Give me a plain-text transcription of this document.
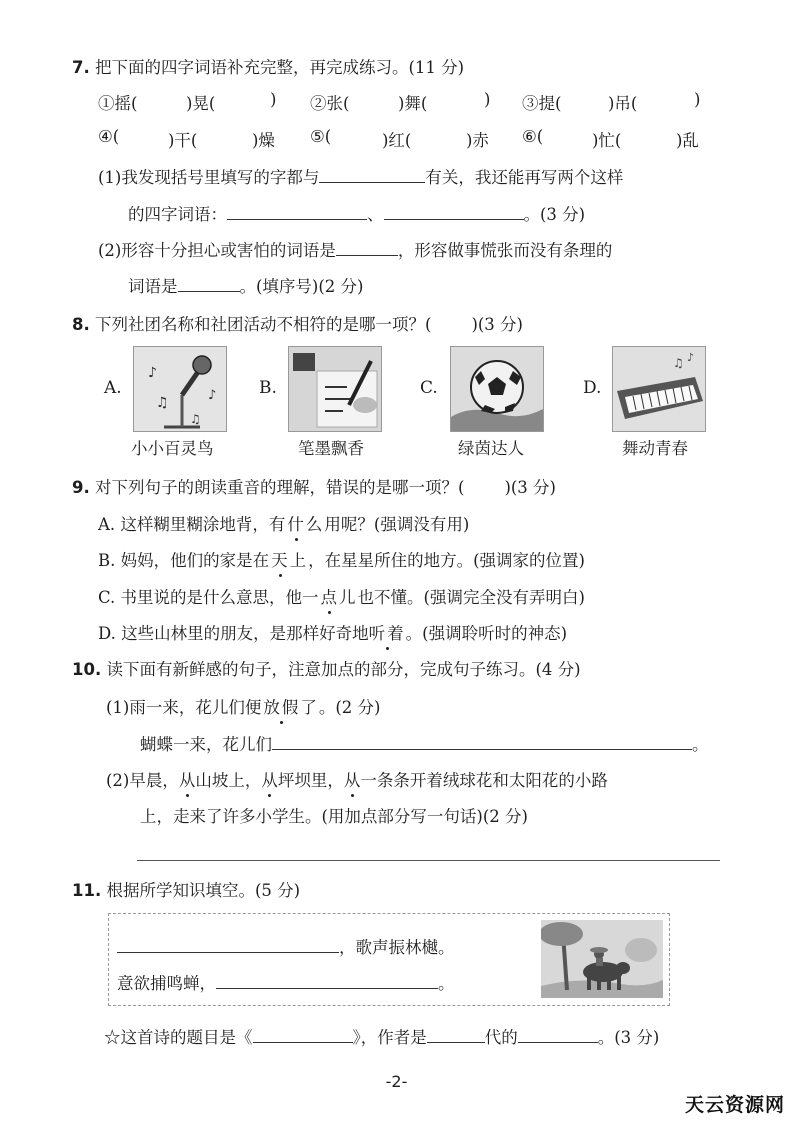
7. 把下面的四字词语补充完整，再完成练习。(11 分)
①摇(	)晃(	) ②张(	)舞(	) ③提(	)吊(	)
④(	)干(	)燥 ⑤(	)红(	)赤 ⑥(	)忙(	)乱
(1)我发现括号里填写的字都与	有关，我还能再写两个这样
的四字词语：	、	。(3 分)
(2)形容十分担心或害怕的词语是	，形容做事慌张而没有条理的
词语是	。(填序号)(2 分)
8. 下列社团名称和社团活动不相符的是哪一项？( )(3 分)
A.
♪
♫	♪
♫
小小百灵鸟
B.
笔墨飘香
C.
绿茵达人
D.
♫ ♪
舞动青春
9. 对下列句子的朗读重音的理解，错误的是哪一项？( )(3 分)
A. 这样糊里糊涂地背，有什么用呢？(强调没有用)
B. 妈妈，他们的家是在天上，在星星所住的地方。(强调家的位置)
C. 书里说的是什么意思，他一点儿也不懂。(强调完全没有弄明白)
D. 这些山林里的朋友，是那样好奇地听着。(强调聆听时的神态)
10. 读下面有新鲜感的句子，注意加点的部分，完成句子练习。(4 分)
(1)雨一来，花儿们便放假了。(2 分)
蝴蝶一来，花儿们	。
(2)早晨，从山坡上，从坪坝里，从一条条开着绒球花和太阳花的小路
上，走来了许多小学生。(用加点部分写一句话)(2 分)
11. 根据所学知识填空。(5 分)
，歌声振林樾。
意欲捕鸣蝉，	。
☆这首诗的题目是《	》，作者是	代的	。(3 分)
-2-
天云资源网
